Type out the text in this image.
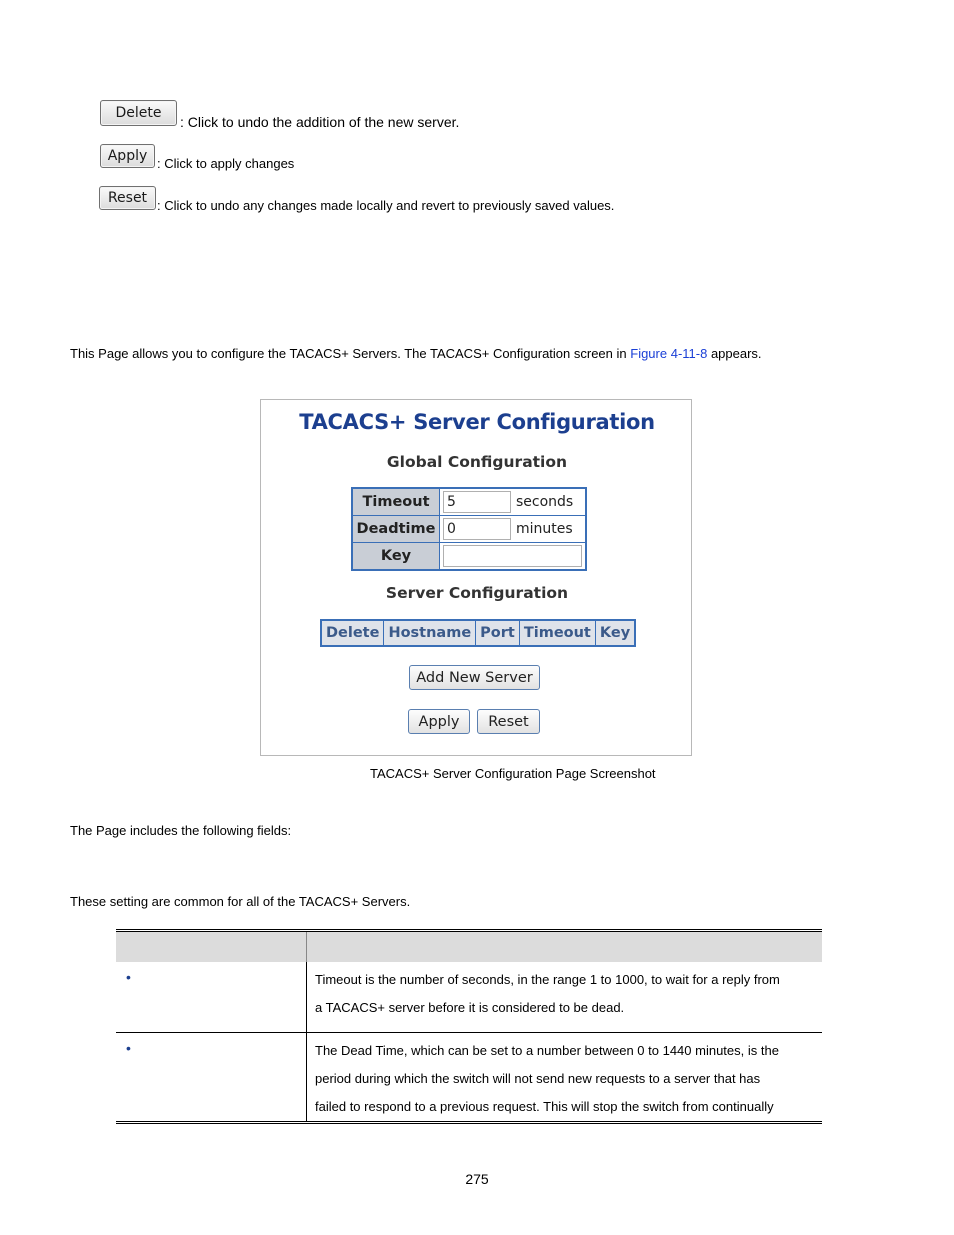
Delete
: Click to undo the addition of the new server.
Apply : Click to apply changes
Reset : Click to undo any changes made locally and revert to previously saved values.
This Page allows you to configure the TACACS+ Servers. The TACACS+ Configuration screen in Figure 4-11-8 appears.
TACACS+ Server Configuration
Global Configuration
Timeout	5 seconds

Deadtime	0 minutes

Key	
Server Configuration
Delete	Hostname	Port	Timeout	Key
Add New Server
Apply	Reset
TACACS+ Server Configuration Page Screenshot
The Page includes the following fields:
These setting are common for all of the TACACS+ Servers.

•	Timeout is the number of seconds, in the range 1 to 1000, to wait for a reply from
a TACACS+ server before it is considered to be dead.

•	The Dead Time, which can be set to a number between 0 to 1440 minutes, is the
period during which the switch will not send new requests to a server that has
failed to respond to a previous request. This will stop the switch from continually
275
